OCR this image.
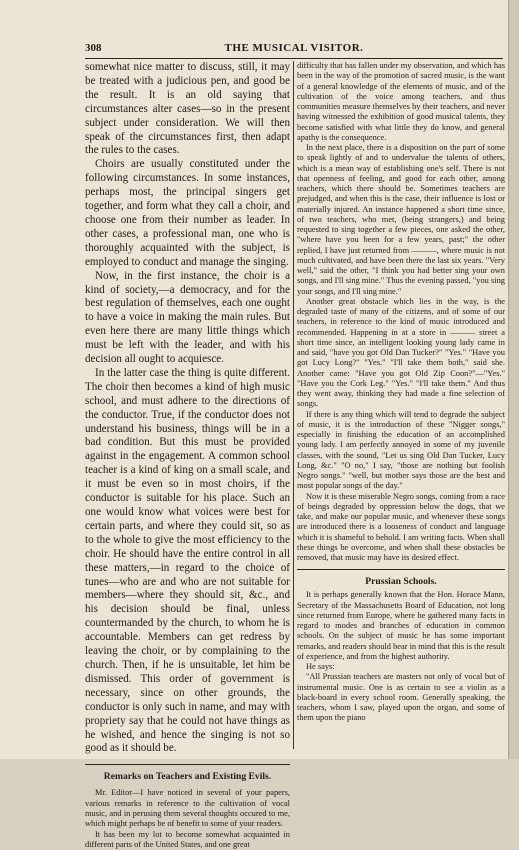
308	THE MUSICAL VISITOR.

somewhat nice matter to discuss, still, it may be treated with a judicious pen, and good be the result. It is an old saying that circumstances alter cases—so in the present subject under consideration. We will then speak of the circumstances first, then adapt the rules to the cases.

Choirs are usually constituted under the following circumstances. In some instances, perhaps most, the principal singers get together, and form what they call a choir, and choose one from their number as leader. In other cases, a professional man, one who is thoroughly acquainted with the subject, is employed to conduct and manage the singing.

Now, in the first instance, the choir is a kind of society,—a democracy, and for the best regulation of themselves, each one ought to have a voice in making the main rules. But even here there are many little things which must be left with the leader, and with his decision all ought to acquiesce.

In the latter case the thing is quite different. The choir then becomes a kind of high music school, and must adhere to the directions of the conductor. True, if the conductor does not understand his business, things will be in a bad condition. But this must be provided against in the engagement. A common school teacher is a kind of king on a small scale, and it must be even so in most choirs, if the conductor is suitable for his place. Such an one would know what voices were best for certain parts, and where they could sit, so as to the whole to give the most efficiency to the choir. He should have the entire control in all these matters,—in regard to the choice of tunes—who are and who are not suitable for members—where they should sit, &c., and his decision should be final, unless countermanded by the church, to whom he is accountable. Members can get redress by leaving the choir, or by complaining to the church. Then, if he is unsuitable, let him be dismissed. This order of government is necessary, since on other grounds, the conductor is only such in name, and may with propriety say that he could not have things as he wished, and hence the singing is not so good as it should be.

Remarks on Teachers and Existing Evils.

Mr. Editor—I have noticed in several of your papers, various remarks in reference to the cultivation of vocal music, and in perusing them several thoughts occured to me, which might perhaps be of benefit to some of your readers.

It has been my lot to become somewhat acquainted in different parts of the United States, and one great

difficulty that has fallen under my observation, and which has been in the way of the promotion of sacred music, is the want of a general knowledge of the elements of music, and of the cultivation of the voice among teachers, and thus communities measure themselves by their teachers, and never having witnessed the exhibition of good musical talents, they become satisfied with what little they do know, and general apathy is the consequence.

In the next place, there is a disposition on the part of some to speak lightly of and to undervalue the talents of others, which is a mean way of establishing one's self. There is not that openness of feeling, and good for each other, among teachers, which there should be. Sometimes teachers are prejudged, and when this is the case, their influence is lost or materially injured. An instance happened a short time since, of two teachers, who met, (being strangers,) and being requested to sing together a few pieces, one asked the other, "where have you been for a few years, past;" the other replied, I have just returned from ———, where music is not much cultivated, and have been there the last six years. "Very well," said the other, "I think you had better sing your own songs, and I'll sing mine." Thus the evening passed, "you sing your songs, and I'll sing mine."

Another great obstacle which lies in the way, is the degraded taste of many of the citizens, and of some of our teachers, in reference to the kind of music introduced and recommended. Happening in at a store in ——— street a short time since, an intelligent looking young lady came in and said, "have you got Old Dan Tucker?" "Yes." "Have you got Lucy Long?" "Yes." "I'll take them both," said she. Another came: "Have you got Old Zip Coon?"—"Yes." "Have you the Cork Leg." "Yes." "I'll take them." And thus they went away, thinking they had made a fine selection of songs.

If there is any thing which will tend to degrade the subject of music, it is the introduction of these "Nigger songs," especially in finishing the education of an accomplished young lady. I am perfectly annoyed in some of my juvenile classes, with the sound, "Let us sing Old Dan Tucker, Lucy Long, &c." "O no," I say, "those are nothing but foolish Negro songs." "well, but mother says those are the best and most popular songs of the day."

Now it is these miserable Negro songs, coming from a race of beings degraded by oppression below the dogs, that we take, and make our popular music, and whenever these songs are introduced there is a looseness of conduct and language which it is shameful to behold. I am writing facts. When shall these things be overcome, and when shall these obstacles be removed, that music may have its desired effect.

Prussian Schools.

It is perhaps generally known that the Hon. Horace Mann, Secretary of the Massachusetts Board of Education, not long since returned from Europe, where he gathered many facts in regard to modes and branches of education in common schools. On the subject of music he has some important remarks, and readers should bear in mind that this is the result of experience, and from the highest authority.

He says:

"All Prussian teachers are masters not only of vocal but of instrumental music. One is as certain to see a violin as a black-board in every school room. Generally speaking, the teachers, whom I saw, played upon the organ, and some of them upon the piano
